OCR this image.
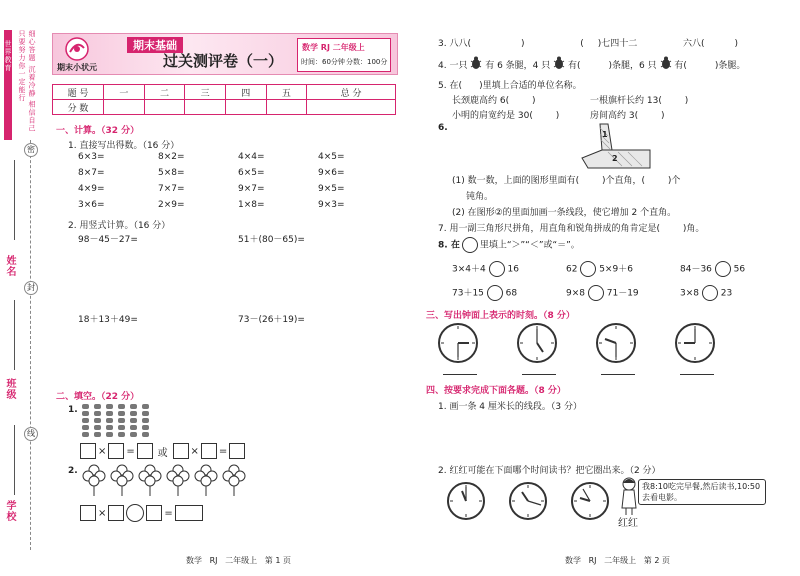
世界教育 只要努力你一定能行 细心答题 沉着冷静 相信自己
密
封
线
姓名
班级
学校
期末小状元
期末基础
过关测评卷（一）
数学 RJ 二年级上
时间：60分钟 分数：100分
题 号	一	二	三	四	五	总 分
分 数						
一、计算。（32 分）
1. 直接写出得数。（16 分）
6×3=	8×2=	4×4=	4×5=
8×7=	5×8=	6×5=	9×6=
4×9=	7×7=	9×7=	9×5=
3×6=	2×9=	1×8=	9×3=
2. 用竖式计算。（16 分）
98－45－27=	51＋(80－65)=
18＋13＋49=	73－(26＋19)=
二、填空。（22 分）
1.
× = 或 × =
2.
×	=
数学   RJ   二年级上   第 1 页
3. 八八(	)	( )七四十二	六八(	)
4. 一只 有 6 条腿，4 只 有(	)条腿，6 只 有(	)条腿。
5. 在(      )里填上合适的单位名称。
长颈鹿高约 6(        )	一根旗杆长约 13(        )
小明的肩宽约是 30(        )	房间高约 3(        )
6.
1
2
(1) 数一数，上面的图形里面有(        )个直角，(        )个
钝角。
(2) 在图形②的里面加画一条线段，使它增加 2 个直角。
7. 用一副三角形尺拼角，用直角和锐角拼成的角肯定是(        )角。
8. 在 里填上“＞”“＜”或“＝”。
3×4＋4 16	62 5×9＋6	84－36 56
73＋15 68	9×8 71－19	3×8 23
三、写出钟面上表示的时刻。（8 分）
四、按要求完成下面各题。（8 分）
1. 画一条 4 厘米长的线段。（3 分）
2. 红红可能在下面哪个时间读书？把它圈出来。（2 分）
红红
我8:10吃完早餐,然后读书,10:50去看电影。
数学   RJ   二年级上   第 2 页
